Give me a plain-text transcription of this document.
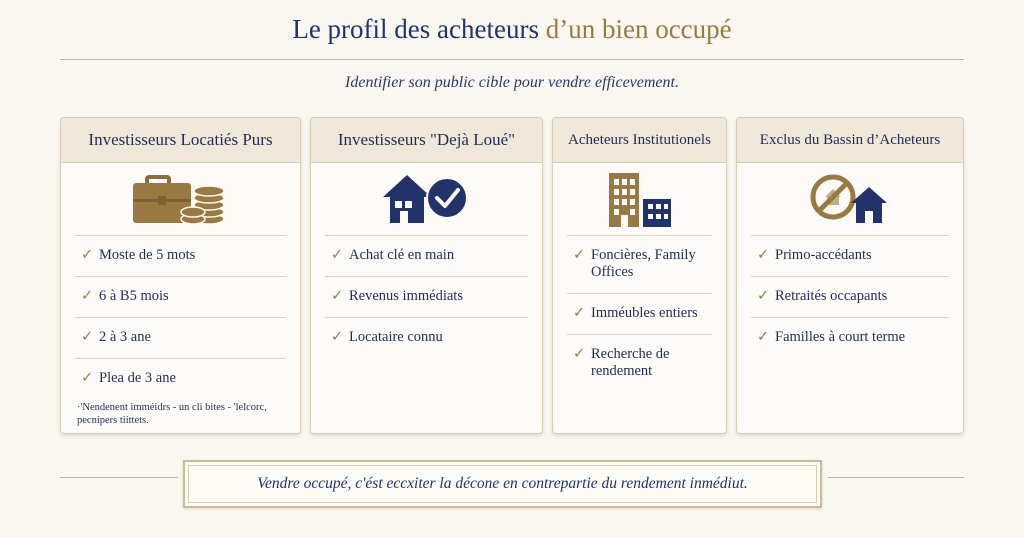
Le profil des acheteurs d’un bien occupé
Identifier son public cible pour vendre efficevement.
Investisseurs Locatiés Purs
✓ Moste de 5 mots
✓ 6 à B5 mois
✓ 2 à 3 ane
✓ Plea de 3 ane
·'Nendenent imméidrs - un cli bites - 'lelcorc, pecnipers tiittets.
Investisseurs "Dejà Loué"
✓ Achat clé en main
✓ Revenus immédiats
✓ Locataire connu
Acheteurs Institutionels
✓ Foncières, Family Offices
✓ Imméubles entiers
✓ Recherche de rendement
Exclus du Bassin d’Acheteurs
✓ Primo-accédants
✓ Retraités occapants
✓ Familles à court terme
Vendre occupé, c'ést eccxiter la décone en contrepartie du rendement inmédiut.
